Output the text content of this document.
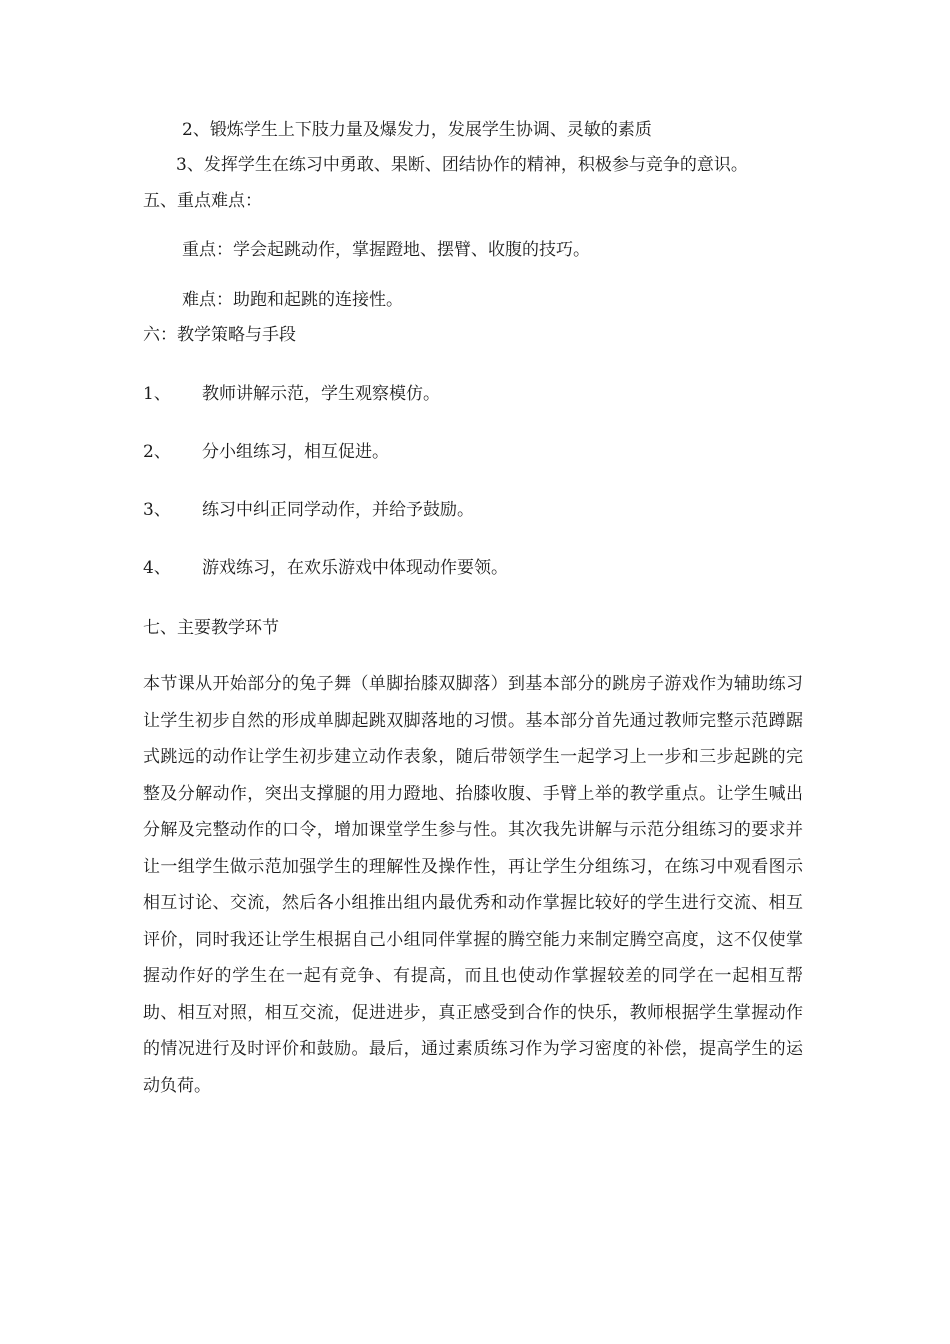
2、锻炼学生上下肢力量及爆发力，发展学生协调、灵敏的素质
3、发挥学生在练习中勇敢、果断、团结协作的精神，积极参与竞争的意识。
五、重点难点：
重点：学会起跳动作，掌握蹬地、摆臂、收腹的技巧。
难点：助跑和起跳的连接性。
六：教学策略与手段
1、 教师讲解示范，学生观察模仿。
2、 分小组练习，相互促进。
3、 练习中纠正同学动作，并给予鼓励。
4、 游戏练习，在欢乐游戏中体现动作要领。
七、主要教学环节
本节课从开始部分的兔子舞（单脚抬膝双脚落）到基本部分的跳房子游戏作为辅助练习让学生初步自然的形成单脚起跳双脚落地的习惯。基本部分首先通过教师完整示范蹲踞式跳远的动作让学生初步建立动作表象，随后带领学生一起学习上一步和三步起跳的完整及分解动作，突出支撑腿的用力蹬地、抬膝收腹、手臂上举的教学重点。让学生喊出分解及完整动作的口令，增加课堂学生参与性。其次我先讲解与示范分组练习的要求并让一组学生做示范加强学生的理解性及操作性，再让学生分组练习，在练习中观看图示相互讨论、交流，然后各小组推出组内最优秀和动作掌握比较好的学生进行交流、相互评价，同时我还让学生根据自己小组同伴掌握的腾空能力来制定腾空高度，这不仅使掌握动作好的学生在一起有竞争、有提高，而且也使动作掌握较差的同学在一起相互帮助、相互对照，相互交流，促进进步，真正感受到合作的快乐，教师根据学生掌握动作的情况进行及时评价和鼓励。最后，通过素质练习作为学习密度的补偿，提高学生的运动负荷。
